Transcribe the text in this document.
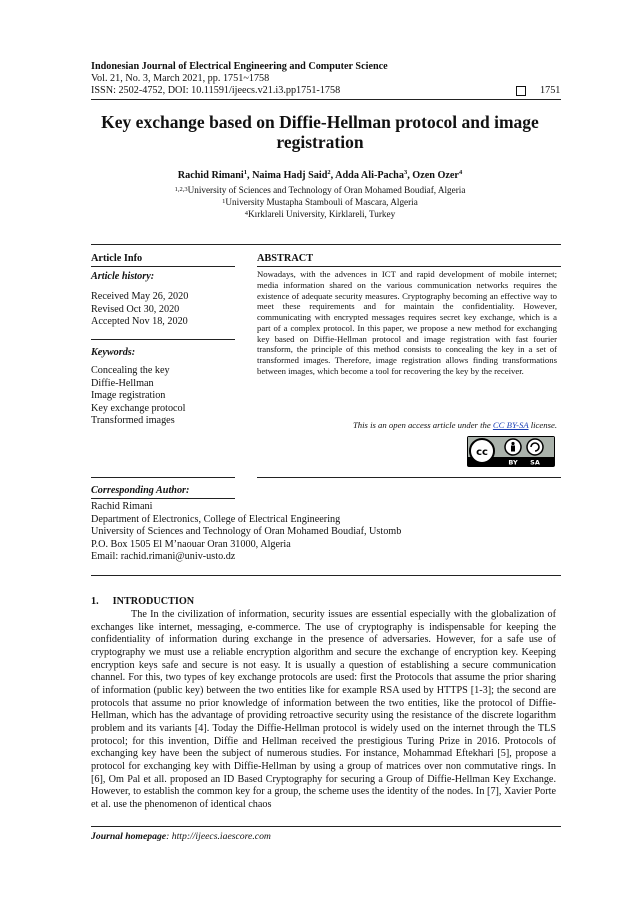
Indonesian Journal of Electrical Engineering and Computer Science
Vol. 21, No. 3, March 2021, pp. 1751~1758
ISSN: 2502-4752, DOI: 10.11591/ijeecs.v21.i3.pp1751-1758	1751
Key exchange based on Diffie-Hellman protocol and image registration
Rachid Rimani$^1$, Naima Hadj Said$^2$, Adda Ali-Pacha$^3$, Ozen Ozer$^4$
$^{1,2,3}$University of Sciences and Technology of Oran Mohamed Boudiaf, Algeria
$^1$University Mustapha Stambouli of Mascara, Algeria
$^4$Kırklareli University, Kirklareli, Turkey
Article Info	ABSTRACT
Article history:
Received May 26, 2020
Revised Oct 30, 2020
Accepted Nov 18, 2020
Keywords:
Concealing the key
Diffie-Hellman
Image registration
Key exchange protocol
Transformed images
Nowadays, with the advences in ICT and rapid development of mobile internet; media information shared on the various communication networks requires the existence of adequate security measures. Cryptography becoming an effective way to meet these requirements and for maintain the confidentiality. However, communicating with encrypted messages requires secret key exchange, which is a part of a complex protocol. In this paper, we propose a new method for exchanging key based on Diffie-Hellman protocol and image registration with fast fourier transform, the principle of this method consists to concealing the key in a set of transformed images. Therefore, image registration allows finding transformations between images, which become a tool for recovering the key by the receiver.
This is an open access article under the CC BY-SA license.
cc
BY SA
Corresponding Author:
Rachid Rimani
Department of Electronics, College of Electrical Engineering
University of Sciences and Technology of Oran Mohamed Boudiaf, Ustomb
P.O. Box 1505 El M’naouar Oran 31000, Algeria
Email: rachid.rimani@univ-usto.dz
1. INTRODUCTION
The In the civilization of information, security issues are essential especially with the globalization of exchanges like internet, messaging, e-commerce. The use of cryptography is indispensable for keeping the confidentiality of information during exchange in the presence of adversaries. However, for a safe use of cryptography we must use a reliable encryption algorithm and secure the exchange of encryption key. Keeping encryption keys safe and secure is not easy. It is usually a question of establishing a secure communication channel. For this, two types of key exchange protocols are used: first the Protocols that assume the prior sharing of information (public key) between the two entities like for example RSA used by HTTPS [1-3]; the second are protocols that assume no prior knowledge of information between the two entities, like the protocol of Diffie-Hellman, which has the advantage of providing retroactive security using the resistance of the discrete logarithm problem and its variants [4]. Today the Diffie-Hellman protocol is widely used on the internet through the TLS protocol; for this invention, Diffie and Hellman received the prestigious Turing Prize in 2016. Protocols of exchanging key have been the subject of numerous studies. For instance, Mohammad Eftekhari [5], propose a protocol for exchanging key with Diffie-Hellman by using a group of matrices over non commutative rings. In [6], Om Pal et all. proposed an ID Based Cryptography for securing a Group of Diffie-Hellman Key Exchange. However, to establish the common key for a group, the scheme uses the identity of the nodes. In [7], Xavier Porte et al. use the phenomenon of identical chaos
Journal homepage: http://ijeecs.iaescore.com
